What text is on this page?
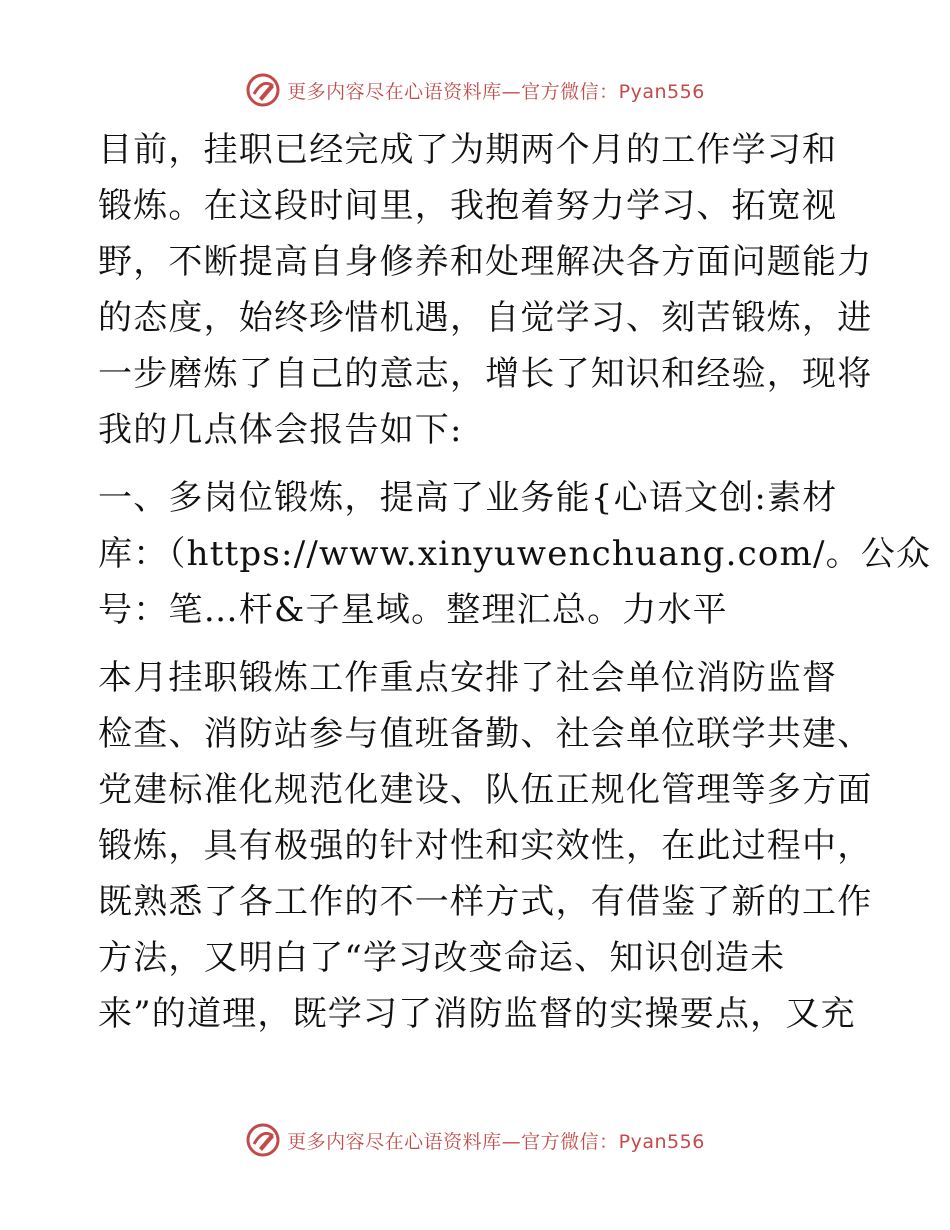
更多内容尽在心语资料库—官方微信：Pyan556
目前，挂职已经完成了为期两个月的工作学习和
锻炼。在这段时间里，我抱着努力学习、拓宽视
野，不断提高自身修养和处理解决各方面问题能力
的态度，始终珍惜机遇，自觉学习、刻苦锻炼，进
一步磨炼了自己的意志，增长了知识和经验，现将
我的几点体会报告如下:
一、多岗位锻炼，提高了业务能{心语文创:素材
库：（https://www.xinyuwenchuang.com/。公众
号：笔…杆&子星域。整理汇总。力水平
本月挂职锻炼工作重点安排了社会单位消防监督
检查、消防站参与值班备勤、社会单位联学共建、
党建标准化规范化建设、队伍正规化管理等多方面
锻炼，具有极强的针对性和实效性，在此过程中，
既熟悉了各工作的不一样方式，有借鉴了新的工作
方法，又明白了“学习改变命运、知识创造未
来”的道理，既学习了消防监督的实操要点，又充
更多内容尽在心语资料库—官方微信：Pyan556
